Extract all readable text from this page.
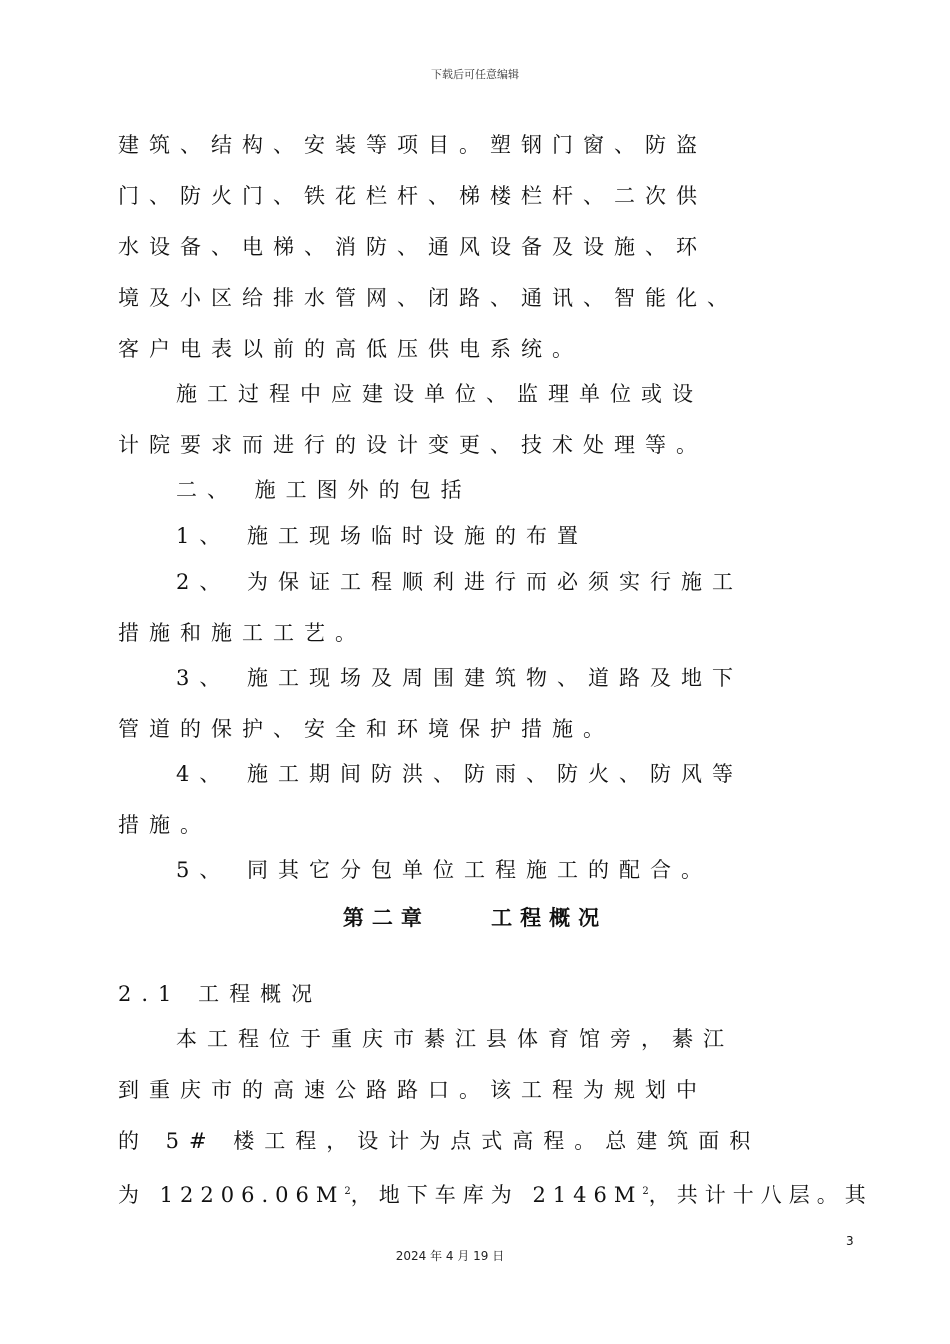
下载后可任意编辑
建筑、结构、安装等项目。塑钢门窗、防盗
门、防火门、铁花栏杆、梯楼栏杆、二次供
水设备、电梯、消防、通风设备及设施、环
境及小区给排水管网、闭路、通讯、智能化、
客户电表以前的高低压供电系统。
施工过程中应建设单位、监理单位或设
计院要求而进行的设计变更、技术处理等。
二、 施工图外的包括
1、 施工现场临时设施的布置
2、 为保证工程顺利进行而必须实行施工
措施和施工工艺。
3、 施工现场及周围建筑物、道路及地下
管道的保护、安全和环境保护措施。
4、 施工期间防洪、防雨、防火、防风等
措施。
5、 同其它分包单位工程施工的配合。
第二章    工程概况
2.1 工程概况
本工程位于重庆市綦江县体育馆旁，綦江
到重庆市的高速公路路口。该工程为规划中
的 5# 楼工程，设计为点式高程。总建筑面积
为 $12206.06M^2$，地下车库为 $2146M^2$，共计十八层。其
3
2024 年 4 月 19 日
